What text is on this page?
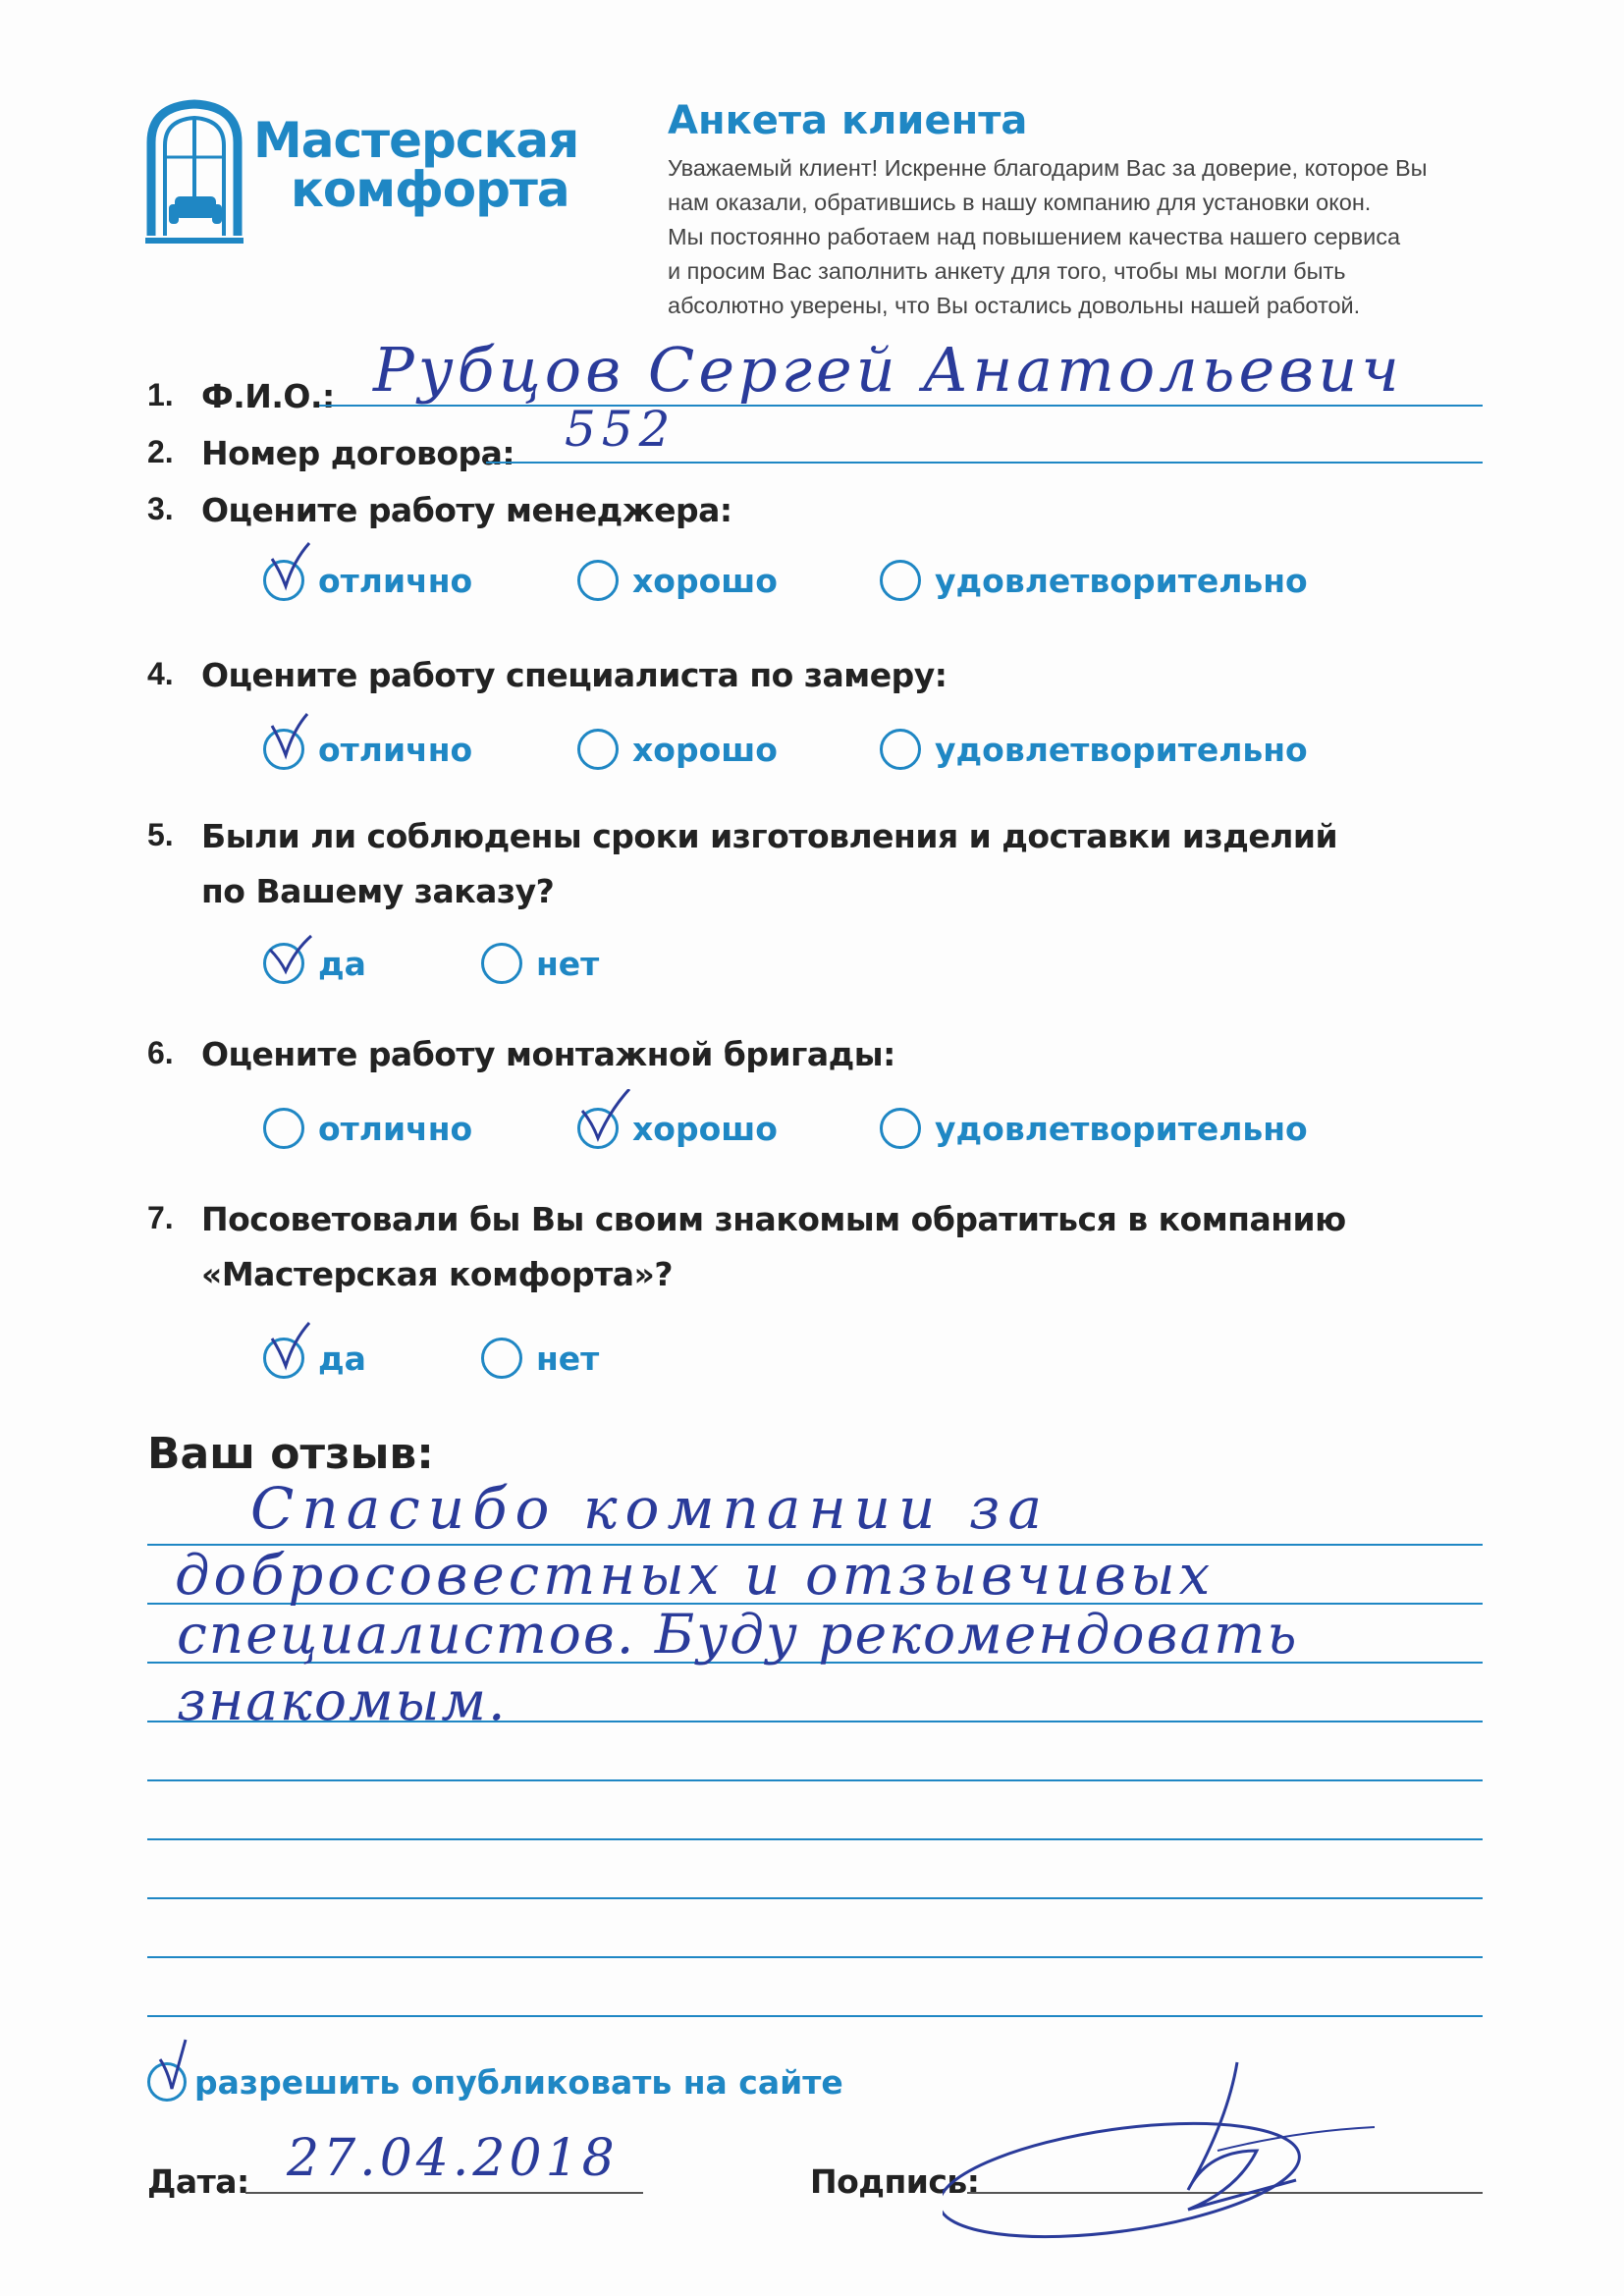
Мастерская
комфорта
Анкета клиента
Уважаемый клиент! Искренне благодарим Вас за доверие, которое Вы
нам оказали, обратившись в нашу компанию для установки окон.
Мы постоянно работаем над повышением качества нашего сервиса
и просим Вас заполнить анкету для того, чтобы мы могли быть
абсолютно уверены, что Вы остались довольны нашей работой.
1. Ф.И.О.: Рубцов Сергей Анатольевич
2. Номер договора: 552
3. Оцените работу менеджера:
отлично	хорошо	удовлетворительно
4. Оцените работу специалиста по замеру:
отлично	хорошо	удовлетворительно
5. Были ли соблюдены сроки изготовления и доставки изделий
по Вашему заказу?
да	нет
6. Оцените работу монтажной бригады:
отлично	хорошо	удовлетворительно
7. Посоветовали бы Вы своим знакомым обратиться в компанию
«Мастерская комфорта»?
да	нет
Ваш отзыв:
Спасибо компании за
добросовестных и отзывчивых
специалистов. Буду рекомендовать
знакомым.
разрешить опубликовать на сайте
Дата: 27.04.2018	Подпись:
